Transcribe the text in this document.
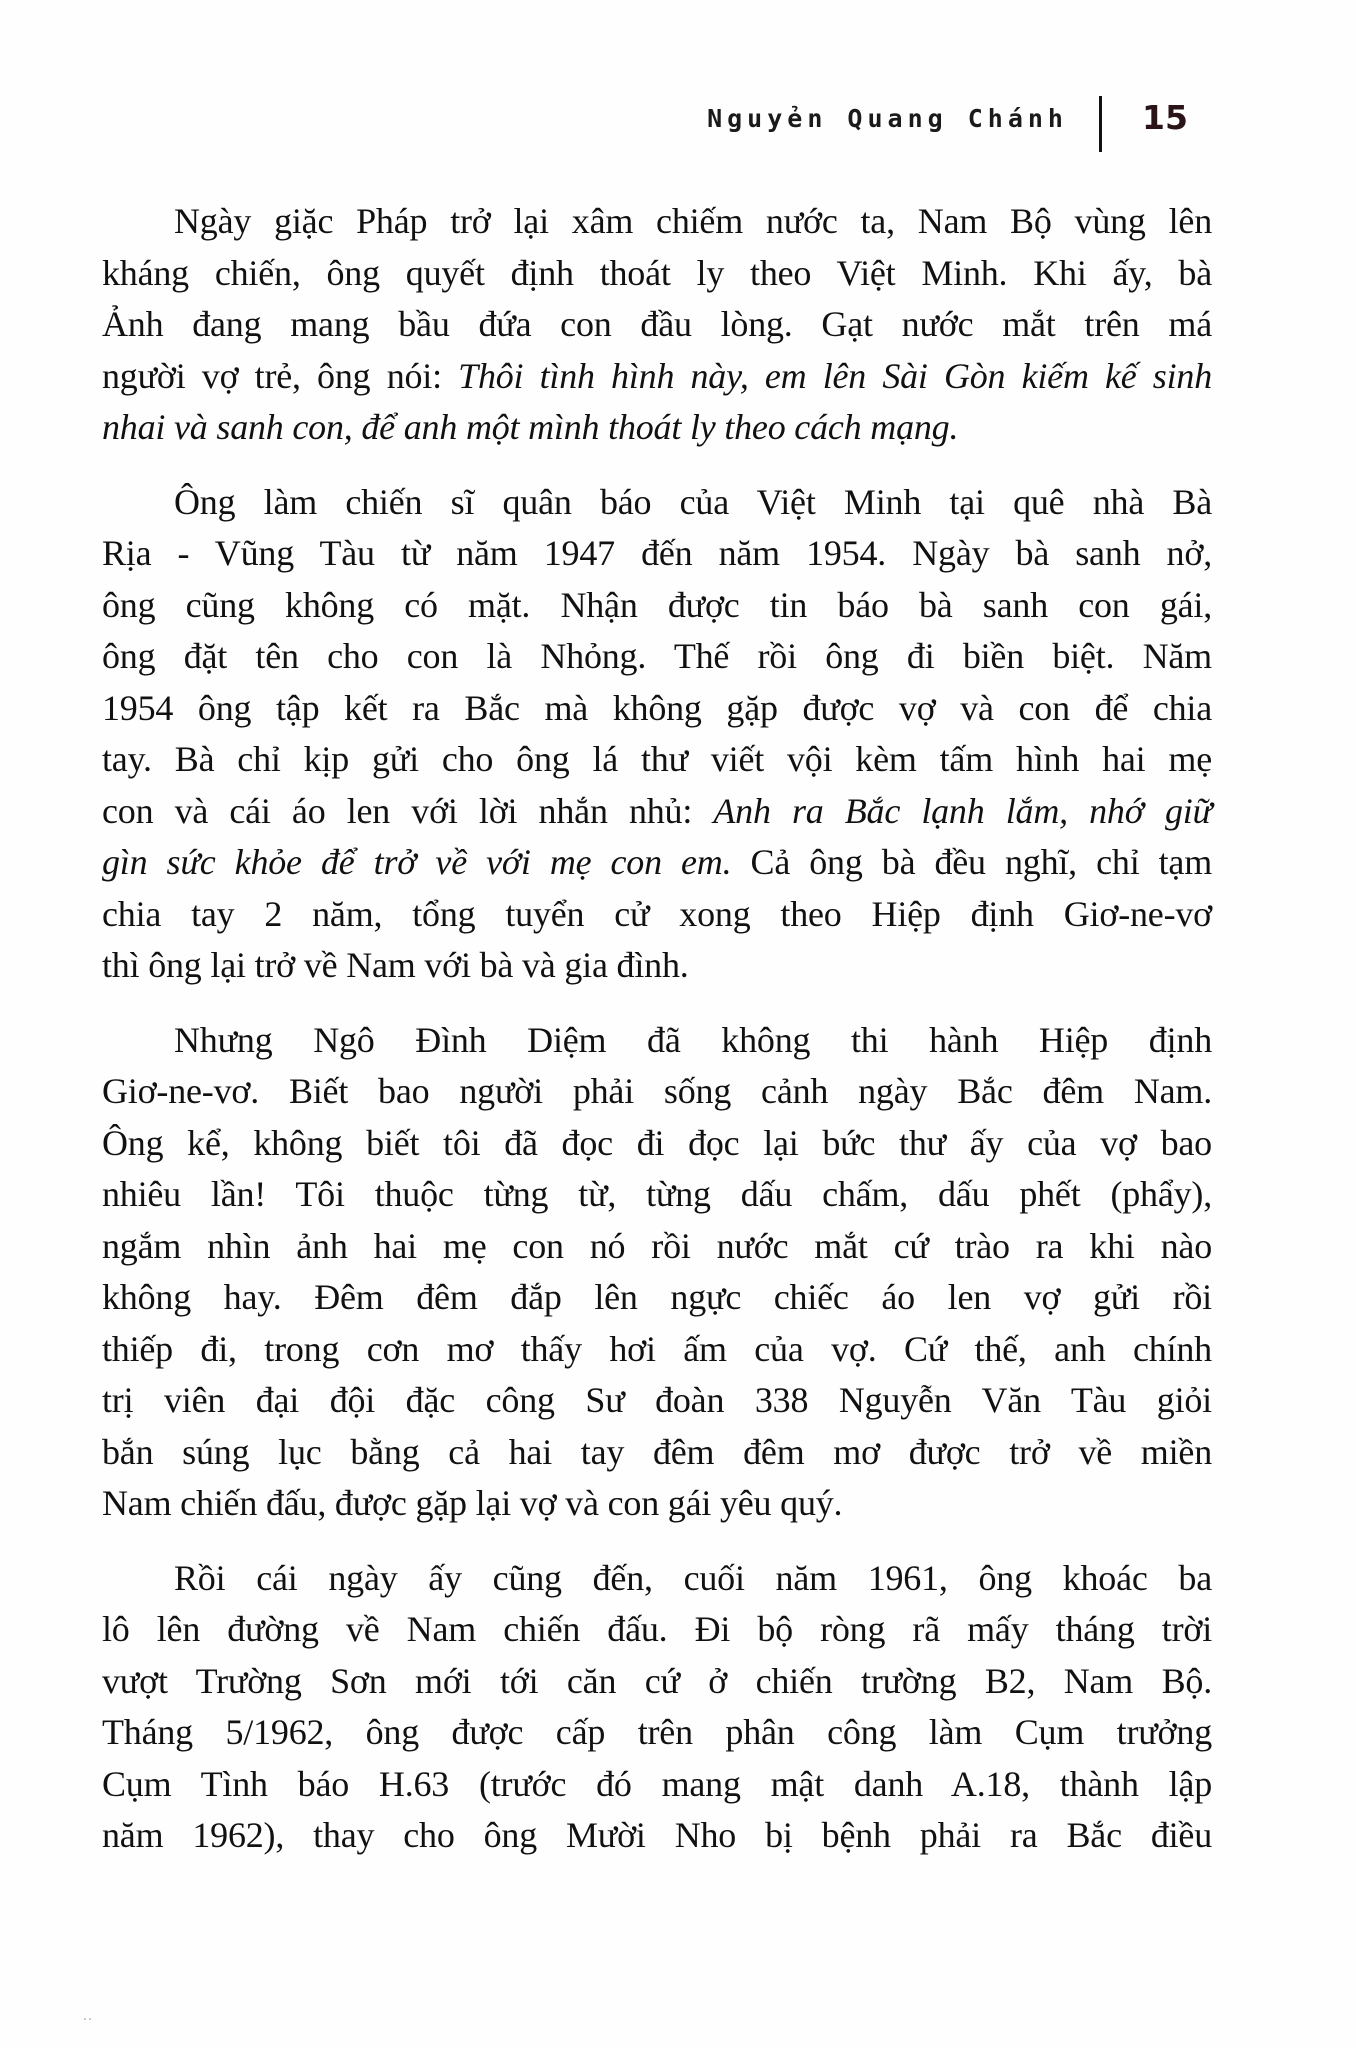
Nguyẻn Quang Chánh 15
Ngày giặc Pháp trở lại xâm chiếm nước ta, Nam Bộ vùng lên
kháng chiến, ông quyết định thoát ly theo Việt Minh. Khi ấy, bà
Ảnh đang mang bầu đứa con đầu lòng. Gạt nước mắt trên má
người vợ trẻ, ông nói: Thôi tình hình này, em lên Sài Gòn kiếm kế sinh
nhai và sanh con, để anh một mình thoát ly theo cách mạng.
Ông làm chiến sĩ quân báo của Việt Minh tại quê nhà Bà
Rịa - Vũng Tàu từ năm 1947 đến năm 1954. Ngày bà sanh nở,
ông cũng không có mặt. Nhận được tin báo bà sanh con gái,
ông đặt tên cho con là Nhỏng. Thế rồi ông đi biền biệt. Năm
1954 ông tập kết ra Bắc mà không gặp được vợ và con để chia
tay. Bà chỉ kịp gửi cho ông lá thư viết vội kèm tấm hình hai mẹ
con và cái áo len với lời nhắn nhủ: Anh ra Bắc lạnh lắm, nhớ giữ
gìn sức khỏe để trở về với mẹ con em. Cả ông bà đều nghĩ, chỉ tạm
chia tay 2 năm, tổng tuyển cử xong theo Hiệp định Giơ-ne-vơ
thì ông lại trở về Nam với bà và gia đình.
Nhưng Ngô Đình Diệm đã không thi hành Hiệp định
Giơ-ne-vơ. Biết bao người phải sống cảnh ngày Bắc đêm Nam.
Ông kể, không biết tôi đã đọc đi đọc lại bức thư ấy của vợ bao
nhiêu lần! Tôi thuộc từng từ, từng dấu chấm, dấu phết (phẩy),
ngắm nhìn ảnh hai mẹ con nó rồi nước mắt cứ trào ra khi nào
không hay. Đêm đêm đắp lên ngực chiếc áo len vợ gửi rồi
thiếp đi, trong cơn mơ thấy hơi ấm của vợ. Cứ thế, anh chính
trị viên đại đội đặc công Sư đoàn 338 Nguyễn Văn Tàu giỏi
bắn súng lục bằng cả hai tay đêm đêm mơ được trở về miền
Nam chiến đấu, được gặp lại vợ và con gái yêu quý.
Rồi cái ngày ấy cũng đến, cuối năm 1961, ông khoác ba
lô lên đường về Nam chiến đấu. Đi bộ ròng rã mấy tháng trời
vượt Trường Sơn mới tới căn cứ ở chiến trường B2, Nam Bộ.
Tháng 5/1962, ông được cấp trên phân công làm Cụm trưởng
Cụm Tình báo H.63 (trước đó mang mật danh A.18, thành lập
năm 1962), thay cho ông Mười Nho bị bệnh phải ra Bắc điều
